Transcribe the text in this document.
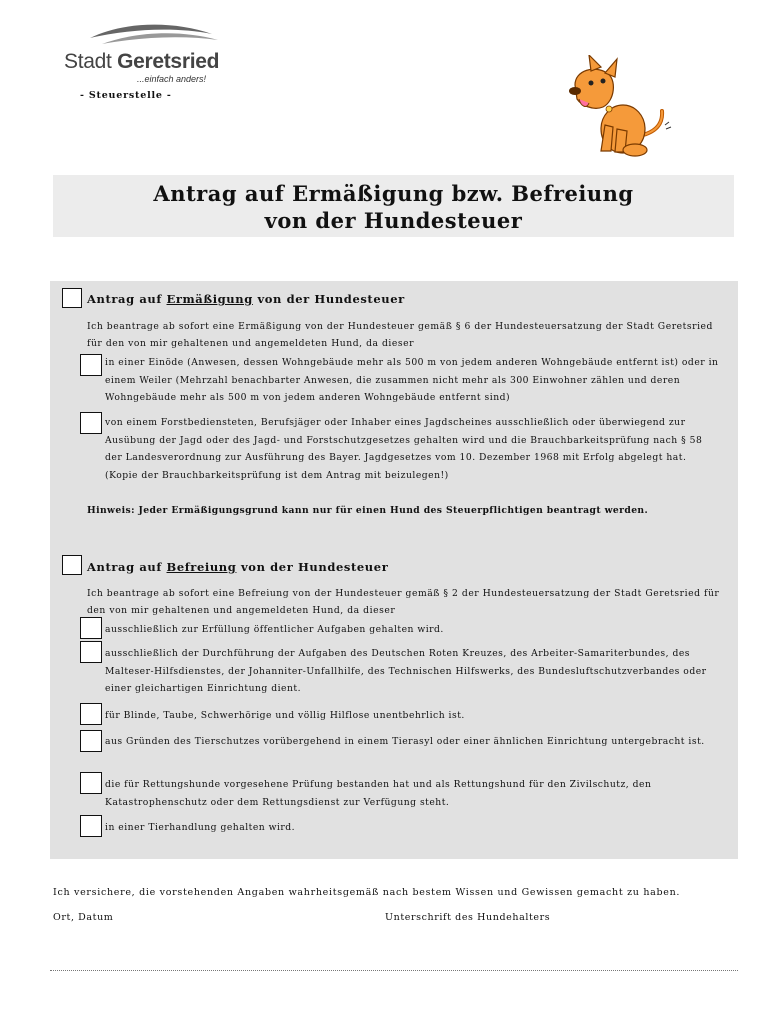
Stadt Geretsried
...einfach anders!
- Steuerstelle -
Antrag auf Ermäßigung bzw. Befreiung
von der Hundesteuer
Antrag auf Ermäßigung von der Hundesteuer
Ich beantrage ab sofort eine Ermäßigung von der Hundesteuer gemäß § 6 der Hundesteuersatzung der Stadt Geretsried für den von mir gehaltenen und angemeldeten Hund, da dieser
in einer Einöde (Anwesen, dessen Wohngebäude mehr als 500 m von jedem anderen Wohngebäude entfernt ist) oder in einem Weiler (Mehrzahl benachbarter Anwesen, die zusammen nicht mehr als 300 Einwohner zählen und deren Wohngebäude mehr als 500 m von jedem anderen Wohngebäude entfernt sind)
von einem Forstbediensteten, Berufsjäger oder Inhaber eines Jagdscheines ausschließlich oder überwiegend zur Ausübung der Jagd oder des Jagd- und Forstschutzgesetzes gehalten wird und die Brauchbarkeitsprüfung nach § 58 der Landesverordnung zur Ausführung des Bayer. Jagdgesetzes vom 10. Dezember 1968 mit Erfolg abgelegt hat. (Kopie der Brauchbarkeitsprüfung ist dem Antrag mit beizulegen!)
Hinweis: Jeder Ermäßigungsgrund kann nur für einen Hund des Steuerpflichtigen beantragt werden.
Antrag auf Befreiung von der Hundesteuer
Ich beantrage ab sofort eine Befreiung von der Hundesteuer gemäß § 2 der Hundesteuersatzung der Stadt Geretsried für den von mir gehaltenen und angemeldeten Hund, da dieser
ausschließlich zur Erfüllung öffentlicher Aufgaben gehalten wird.
ausschließlich der Durchführung der Aufgaben des Deutschen Roten Kreuzes, des Arbeiter-Samariterbundes, des Malteser-Hilfsdienstes, der Johanniter-Unfallhilfe, des Technischen Hilfswerks, des Bundesluftschutzverbandes oder einer gleichartigen Einrichtung dient.
für Blinde, Taube, Schwerhörige und völlig Hilflose unentbehrlich ist.
aus Gründen des Tierschutzes vorübergehend in einem Tierasyl oder einer ähnlichen Einrichtung untergebracht ist.
die für Rettungshunde vorgesehene Prüfung bestanden hat und als Rettungshund für den Zivilschutz, den Katastrophenschutz oder dem Rettungsdienst zur Verfügung steht.
in einer Tierhandlung gehalten wird.
Ich versichere, die vorstehenden Angaben wahrheitsgemäß nach bestem Wissen und Gewissen gemacht zu haben.
Ort, Datum	Unterschrift des Hundehalters
